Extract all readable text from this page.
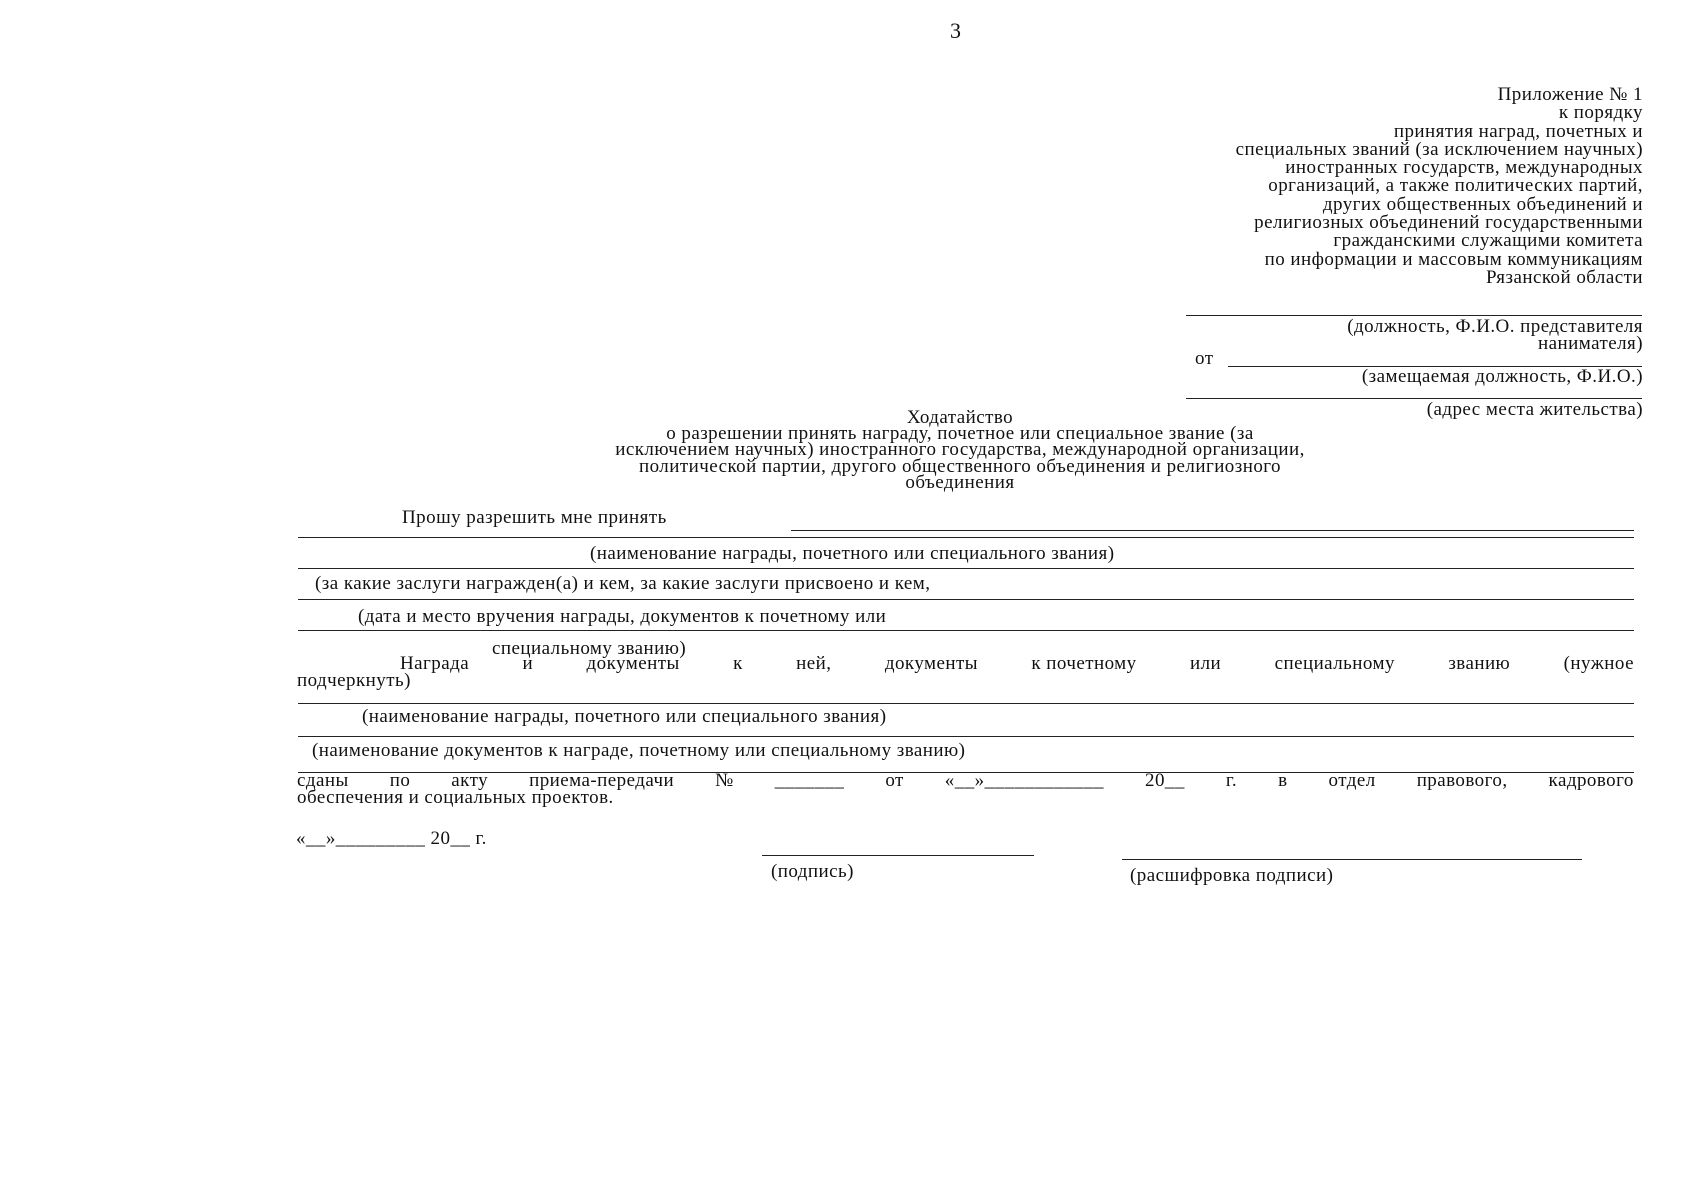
3
Приложение № 1
к порядку
принятия наград, почетных и
специальных званий (за исключением научных)
иностранных государств, международных
организаций, а также политических партий,
других общественных объединений и
религиозных объединений государственными
гражданскими служащими комитета
по информации и массовым коммуникациям
Рязанской области
(должность, Ф.И.О. представителя
нанимателя)
от
(замещаемая должность, Ф.И.О.)
(адрес места жительства)
Ходатайство
о разрешении принять награду, почетное или специальное звание (за
исключением научных) иностранного государства, международной организации,
политической партии, другого общественного объединения и религиозного
объединения
Прошу разрешить мне принять
(наименование награды, почетного или специального звания)
(за какие заслуги награжден(а) и кем, за какие заслуги присвоено и кем,
(дата и место вручения награды, документов к почетному или
специальному званию)
Награда	и	документы	к	ней,	документы	к почетному	или	специальному	званию	(нужное
подчеркнуть)
(наименование награды, почетного или специального звания)
(наименование документов к награде, почетному или специальному званию)
сданы по акту приема-передачи № _______ от «__»____________ 20__ г. в отдел правового, кадрового
обеспечения и социальных проектов.
«__»_________ 20__ г.
(подпись)	(расшифровка подписи)
